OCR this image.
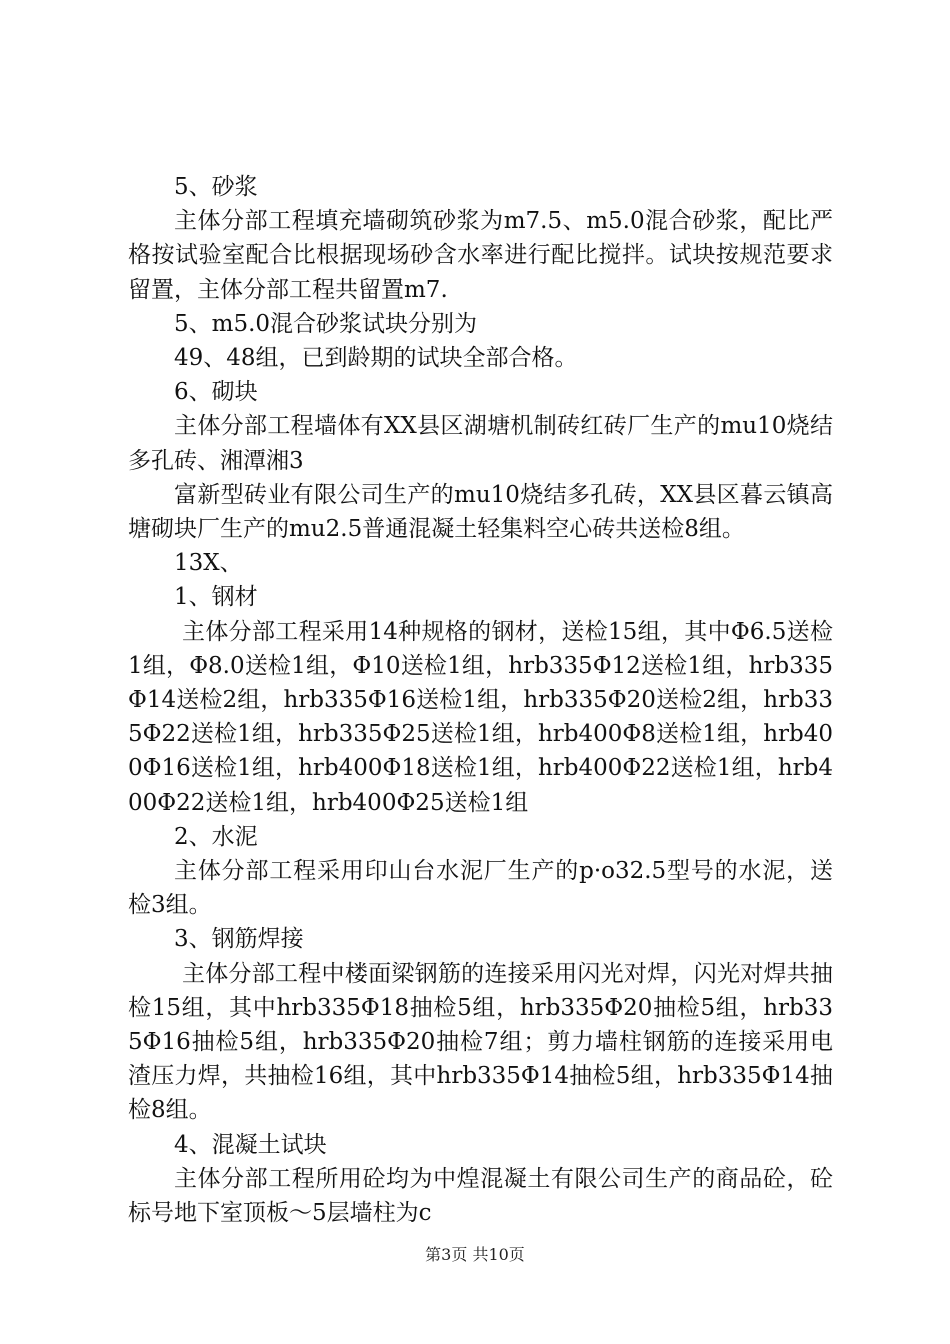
5、砂浆

主体分部工程填充墙砌筑砂浆为m7.5、m5.0混合砂浆，配比严格按试验室配合比根据现场砂含水率进行配比搅拌。试块按规范要求留置，主体分部工程共留置m7.

5、m5.0混合砂浆试块分别为

49、48组，已到龄期的试块全部合格。

6、砌块

主体分部工程墙体有XX县区湖塘机制砖红砖厂生产的mu10烧结多孔砖、湘潭湘3

富新型砖业有限公司生产的mu10烧结多孔砖，XX县区暮云镇高塘砌块厂生产的mu2.5普通混凝土轻集料空心砖共送检8组。

13X、

1、钢材

主体分部工程采用14种规格的钢材，送检15组，其中Φ6.5送检1组，Φ8.0送检1组，Φ10送检1组，hrb335Φ12送检1组，hrb335Φ14送检2组，hrb335Φ16送检1组，hrb335Φ20送检2组，hrb335Φ22送检1组，hrb335Φ25送检1组，hrb400Φ8送检1组，hrb400Φ16送检1组，hrb400Φ18送检1组，hrb400Φ22送检1组，hrb400Φ22送检1组，hrb400Φ25送检1组

2、水泥

主体分部工程采用印山台水泥厂生产的p·o32.5型号的水泥，送检3组。

3、钢筋焊接

主体分部工程中楼面梁钢筋的连接采用闪光对焊，闪光对焊共抽检15组，其中hrb335Φ18抽检5组，hrb335Φ20抽检5组，hrb335Φ16抽检5组，hrb335Φ20抽检7组；剪力墙柱钢筋的连接采用电渣压力焊，共抽检16组，其中hrb335Φ14抽检5组，hrb335Φ14抽检8组。

4、混凝土试块

主体分部工程所用砼均为中煌混凝土有限公司生产的商品砼，砼标号地下室顶板～5层墙柱为c

第3页 共10页
